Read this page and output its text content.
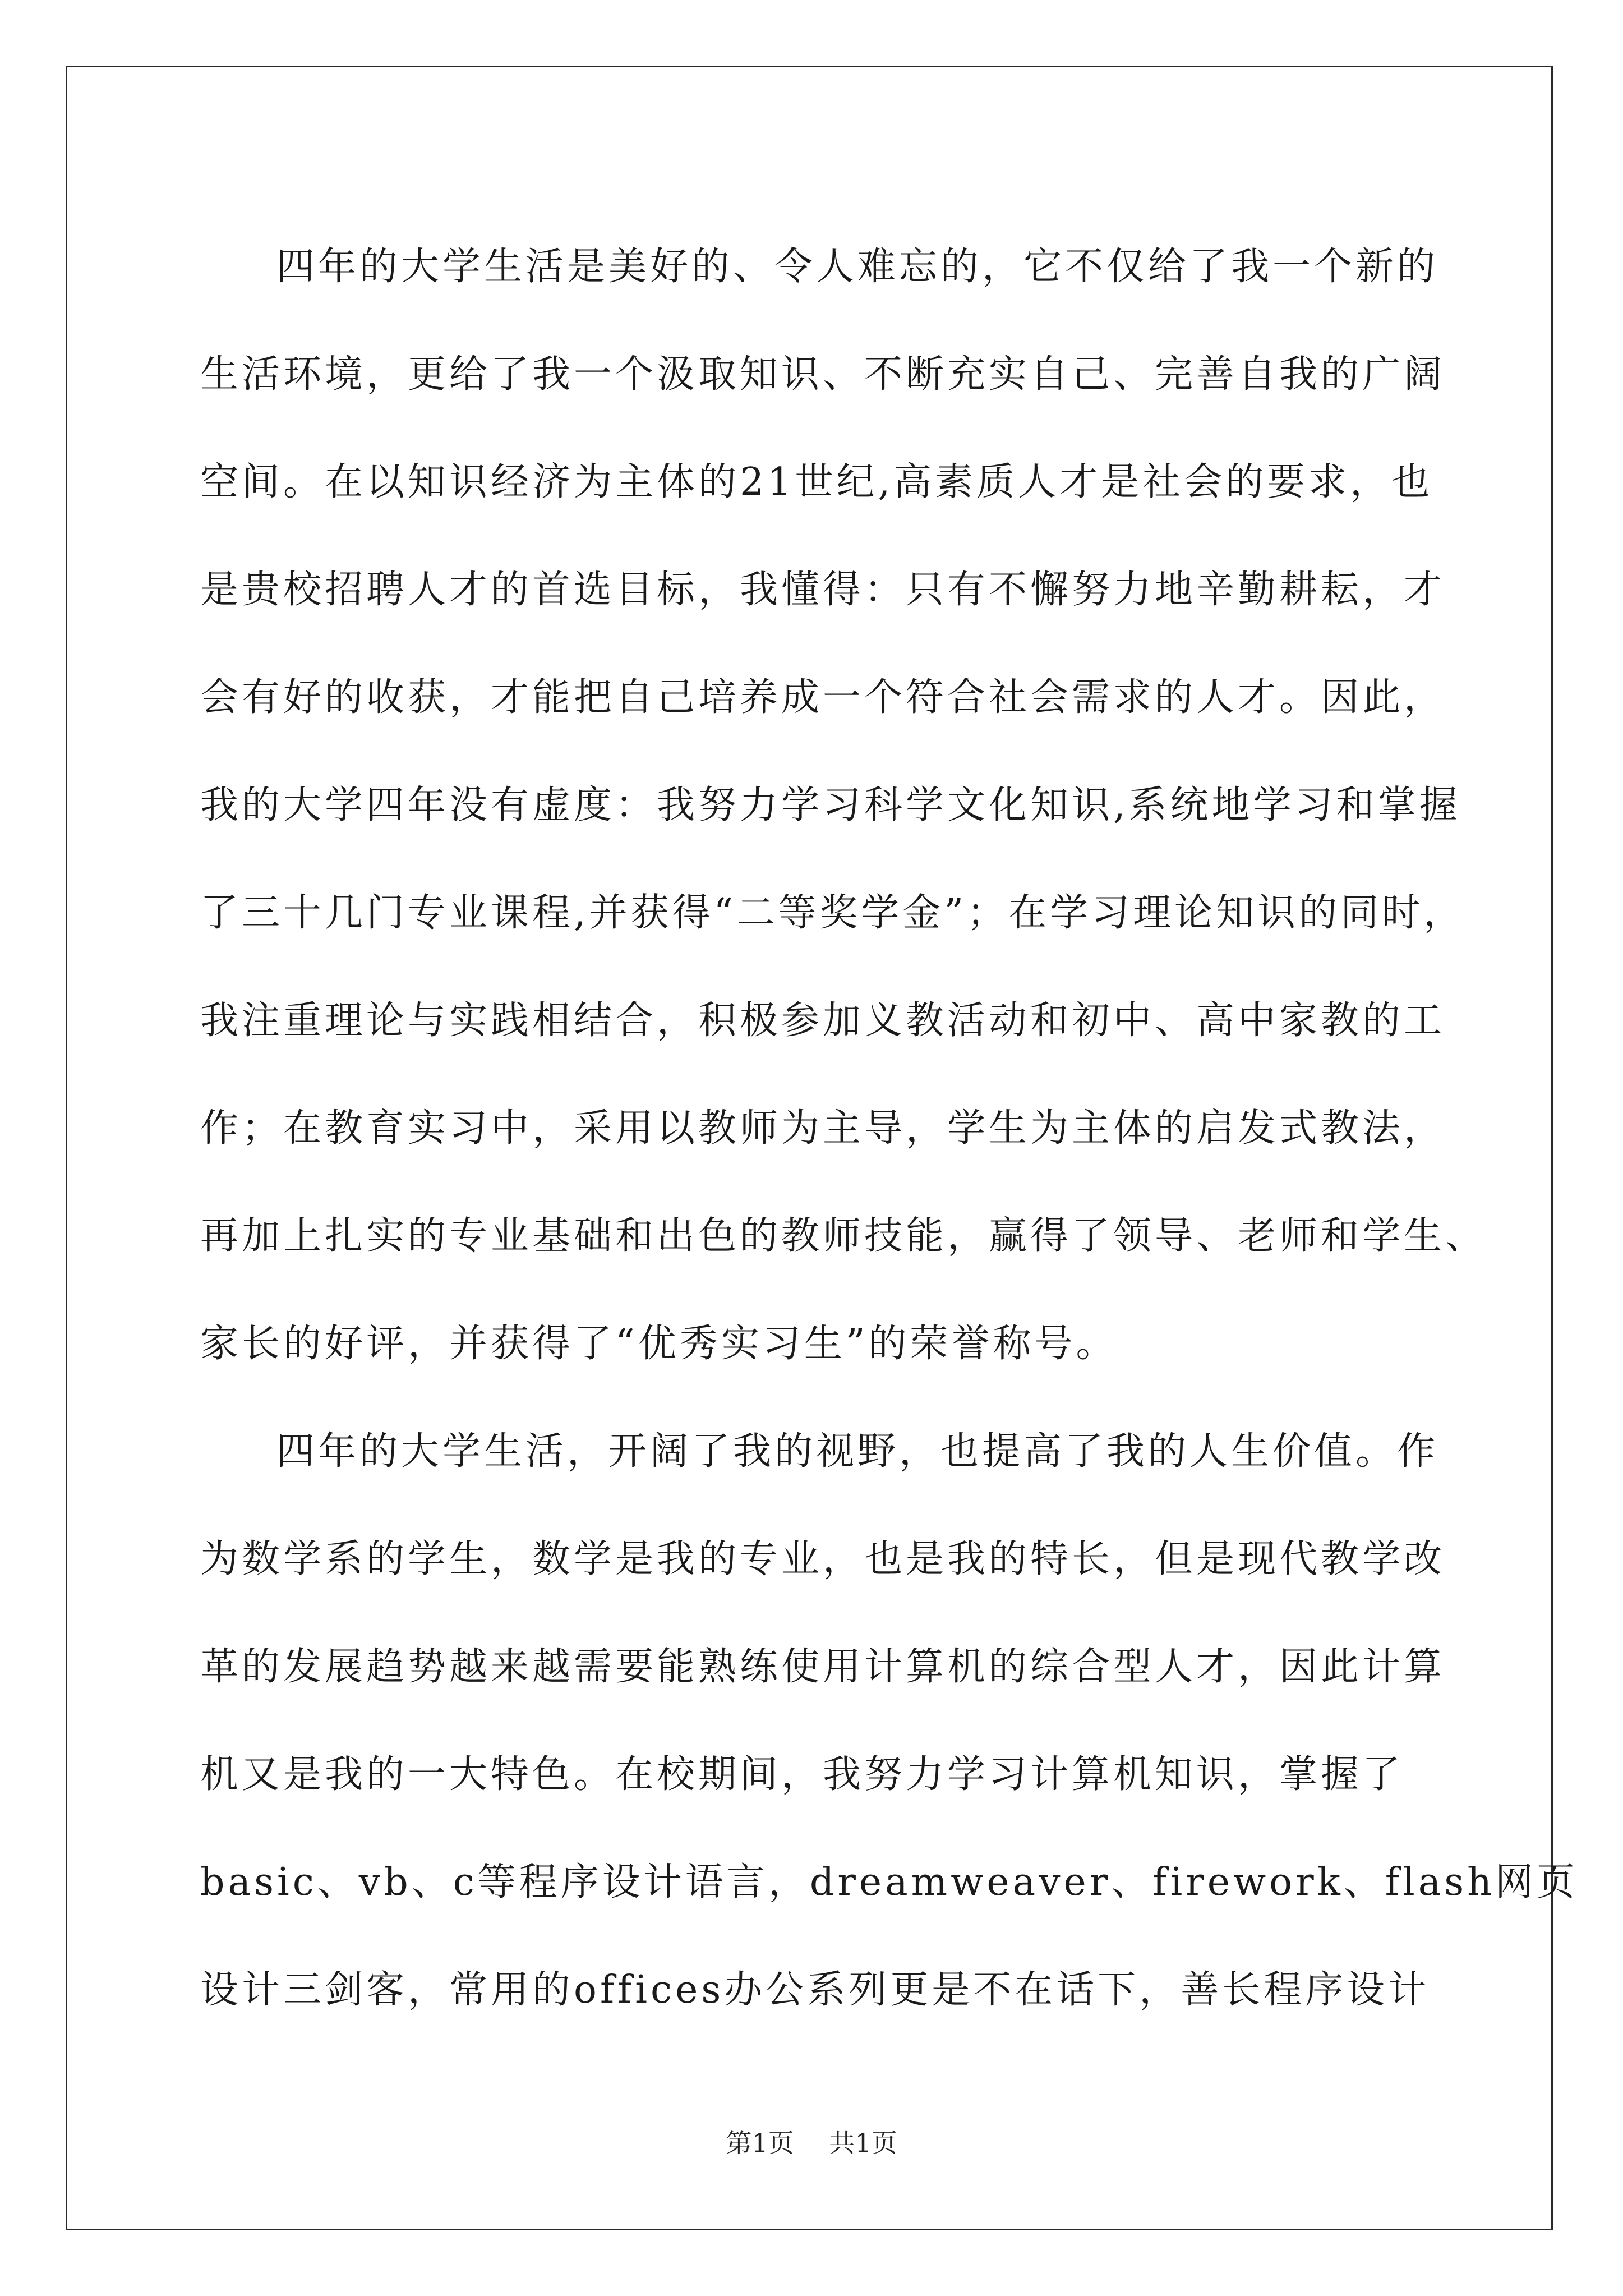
四年的大学生活是美好的、令人难忘的，它不仅给了我一个新的

生活环境，更给了我一个汲取知识、不断充实自己、完善自我的广阔

空间。在以知识经济为主体的21世纪,高素质人才是社会的要求，也

是贵校招聘人才的首选目标，我懂得：只有不懈努力地辛勤耕耘，才

会有好的收获，才能把自己培养成一个符合社会需求的人才。因此，

我的大学四年没有虚度：我努力学习科学文化知识,系统地学习和掌握

了三十几门专业课程,并获得“二等奖学金”；在学习理论知识的同时，

我注重理论与实践相结合，积极参加义教活动和初中、高中家教的工

作；在教育实习中，采用以教师为主导，学生为主体的启发式教法，

再加上扎实的专业基础和出色的教师技能，赢得了领导、老师和学生、

家长的好评，并获得了“优秀实习生”的荣誉称号。

四年的大学生活，开阔了我的视野，也提高了我的人生价值。作

为数学系的学生，数学是我的专业，也是我的特长，但是现代教学改

革的发展趋势越来越需要能熟练使用计算机的综合型人才，因此计算

机又是我的一大特色。在校期间，我努力学习计算机知识，掌握了

basic、vb、c等程序设计语言，dreamweaver、firework、flash网页

设计三剑客，常用的offices办公系列更是不在话下，善长程序设计

第1页 共1页
